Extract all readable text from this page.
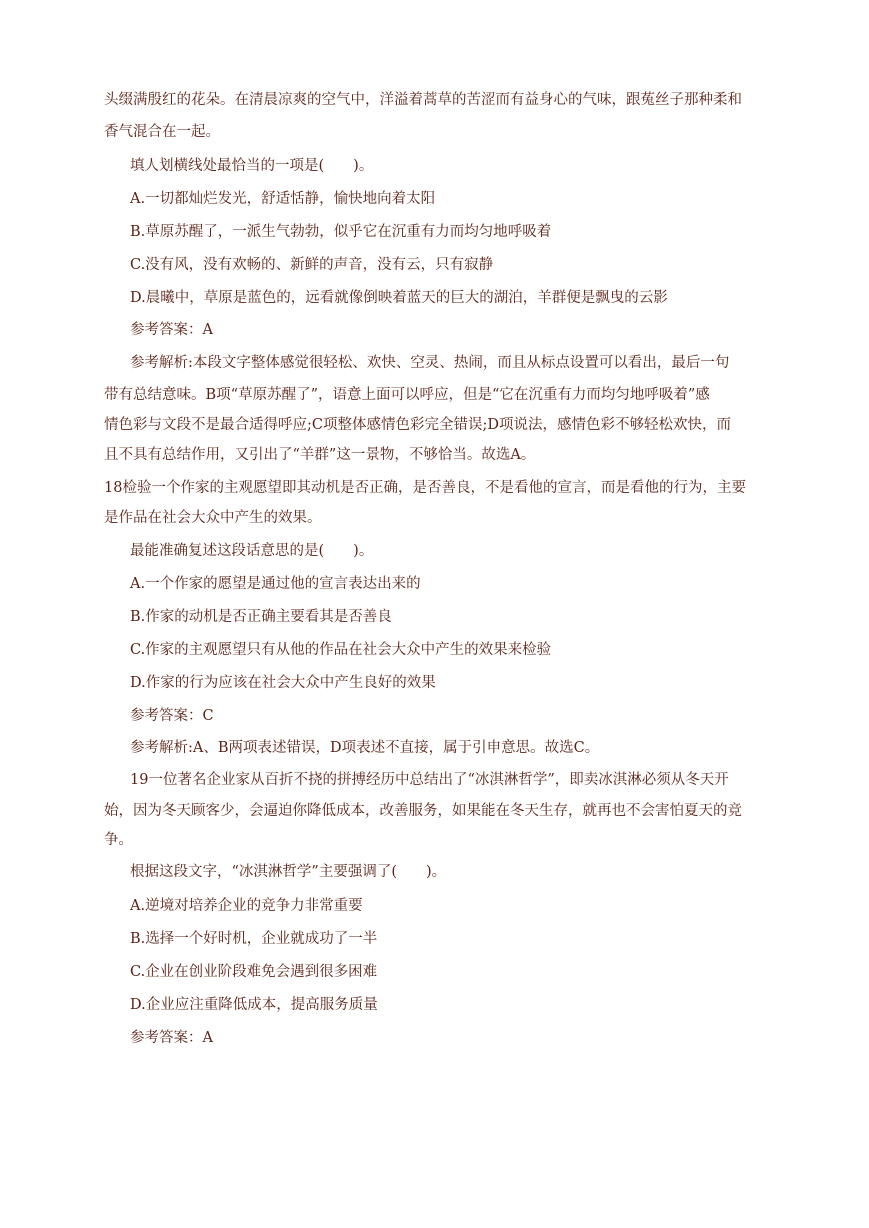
头缀满殷红的花朵。在清晨凉爽的空气中，洋溢着蒿草的苦涩而有益身心的气味，跟菟丝子那种柔和
香气混合在一起。
填人划横线处最恰当的一项是(　　)。
A.一切都灿烂发光，舒适恬静，愉快地向着太阳
B.草原苏醒了，一派生气勃勃，似乎它在沉重有力而均匀地呼吸着
C.没有风，没有欢畅的、新鲜的声音，没有云，只有寂静
D.晨曦中，草原是蓝色的，远看就像倒映着蓝天的巨大的湖泊，羊群便是飘曳的云影
参考答案：A
参考解析:本段文字整体感觉很轻松、欢快、空灵、热闹，而且从标点设置可以看出，最后一句
带有总结意味。B项“草原苏醒了”，语意上面可以呼应，但是“它在沉重有力而均匀地呼吸着”感
情色彩与文段不是最合适得呼应;C项整体感情色彩完全错误;D项说法，感情色彩不够轻松欢快，而
且不具有总结作用，又引出了“羊群”这一景物，不够恰当。故选A。
18检验一个作家的主观愿望即其动机是否正确，是否善良，不是看他的宣言，而是看他的行为，主要
是作品在社会大众中产生的效果。
最能准确复述这段话意思的是(　　)。
A.一个作家的愿望是通过他的宣言表达出来的
B.作家的动机是否正确主要看其是否善良
C.作家的主观愿望只有从他的作品在社会大众中产生的效果来检验
D.作家的行为应该在社会大众中产生良好的效果
参考答案：C
参考解析:A、B两项表述错误，D项表述不直接，属于引申意思。故选C。
19一位著名企业家从百折不挠的拼搏经历中总结出了“冰淇淋哲学”，即卖冰淇淋必须从冬天开
始，因为冬天顾客少，会逼迫你降低成本，改善服务，如果能在冬天生存，就再也不会害怕夏天的竞
争。
根据这段文字，“冰淇淋哲学”主要强调了(　　)。
A.逆境对培养企业的竞争力非常重要
B.选择一个好时机，企业就成功了一半
C.企业在创业阶段难免会遇到很多困难
D.企业应注重降低成本，提高服务质量
参考答案：A
